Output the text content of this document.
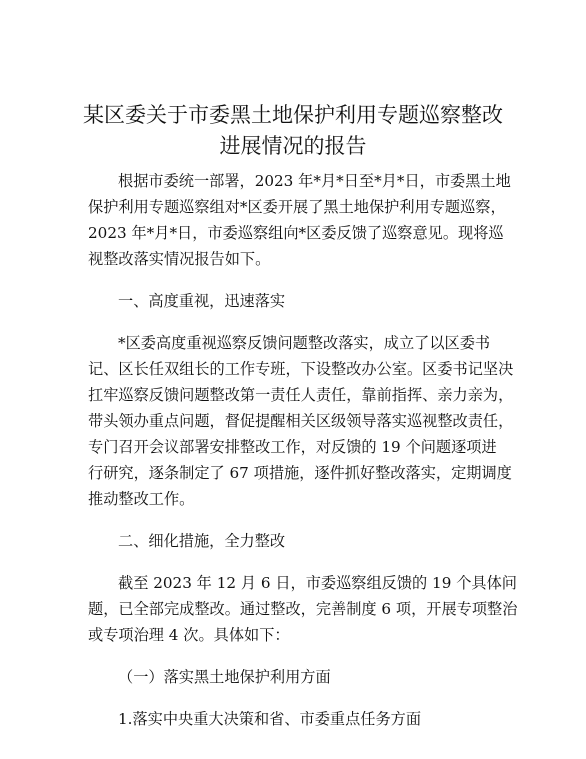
某区委关于市委黑土地保护利用专题巡察整改
进展情况的报告
根据市委统一部署，2023 年*月*日至*月*日，市委黑土地
保护利用专题巡察组对*区委开展了黑土地保护利用专题巡察，
2023 年*月*日，市委巡察组向*区委反馈了巡察意见。现将巡
视整改落实情况报告如下。
一、高度重视，迅速落实
*区委高度重视巡察反馈问题整改落实，成立了以区委书
记、区长任双组长的工作专班，下设整改办公室。区委书记坚决
扛牢巡察反馈问题整改第一责任人责任，靠前指挥、亲力亲为，
带头领办重点问题，督促提醒相关区级领导落实巡视整改责任，
专门召开会议部署安排整改工作，对反馈的 19 个问题逐项进
行研究，逐条制定了 67 项措施，逐件抓好整改落实，定期调度
推动整改工作。
二、细化措施，全力整改
截至 2023 年 12 月 6 日，市委巡察组反馈的 19 个具体问
题，已全部完成整改。通过整改，完善制度 6 项，开展专项整治
或专项治理 4 次。具体如下：
（一）落实黑土地保护利用方面
1.落实中央重大决策和省、市委重点任务方面
